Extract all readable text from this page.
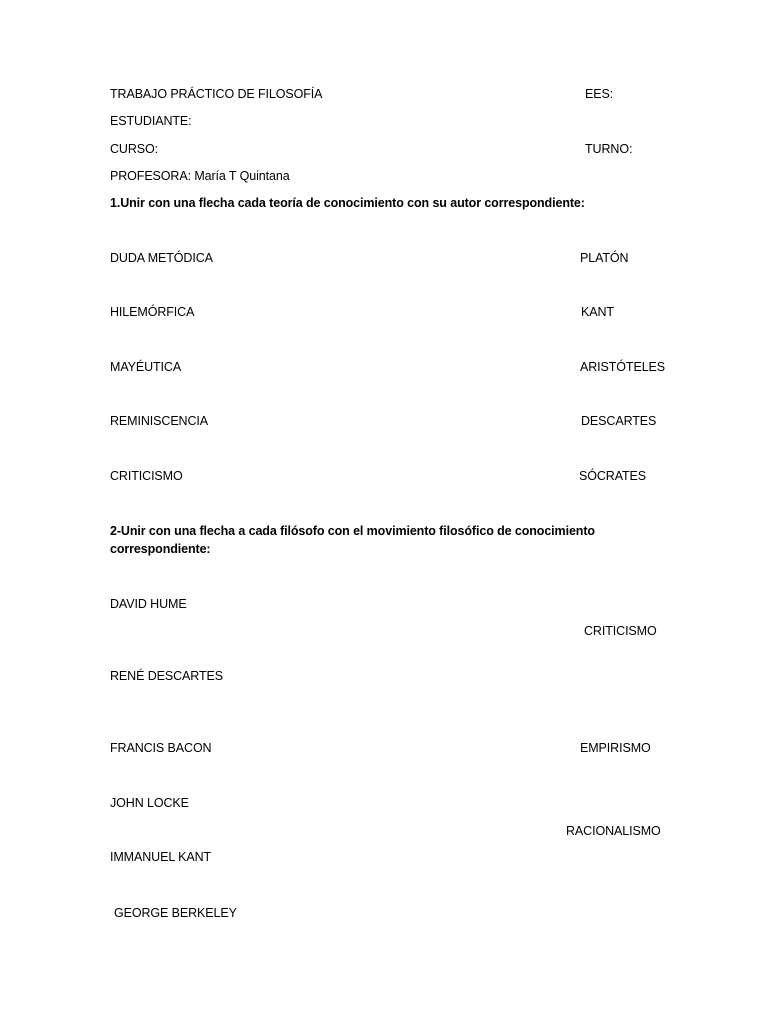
TRABAJO PRÁCTICO DE FILOSOFÍA	EES:
ESTUDIANTE:
CURSO:	TURNO:
PROFESORA: María T Quintana
1.Unir con una flecha cada teoría de conocimiento con su autor correspondiente:
DUDA METÓDICA	PLATÓN
HILEMÓRFICA	KANT
MAYÉUTICA	ARISTÓTELES
REMINISCENCIA	DESCARTES
CRITICISMO	SÓCRATES
2-Unir con una flecha a cada filósofo con el movimiento filosófico de conocimiento correspondiente:
DAVID HUME
CRITICISMO
RENÉ DESCARTES
FRANCIS BACON	EMPIRISMO
JOHN LOCKE
RACIONALISMO
IMMANUEL KANT
GEORGE BERKELEY
